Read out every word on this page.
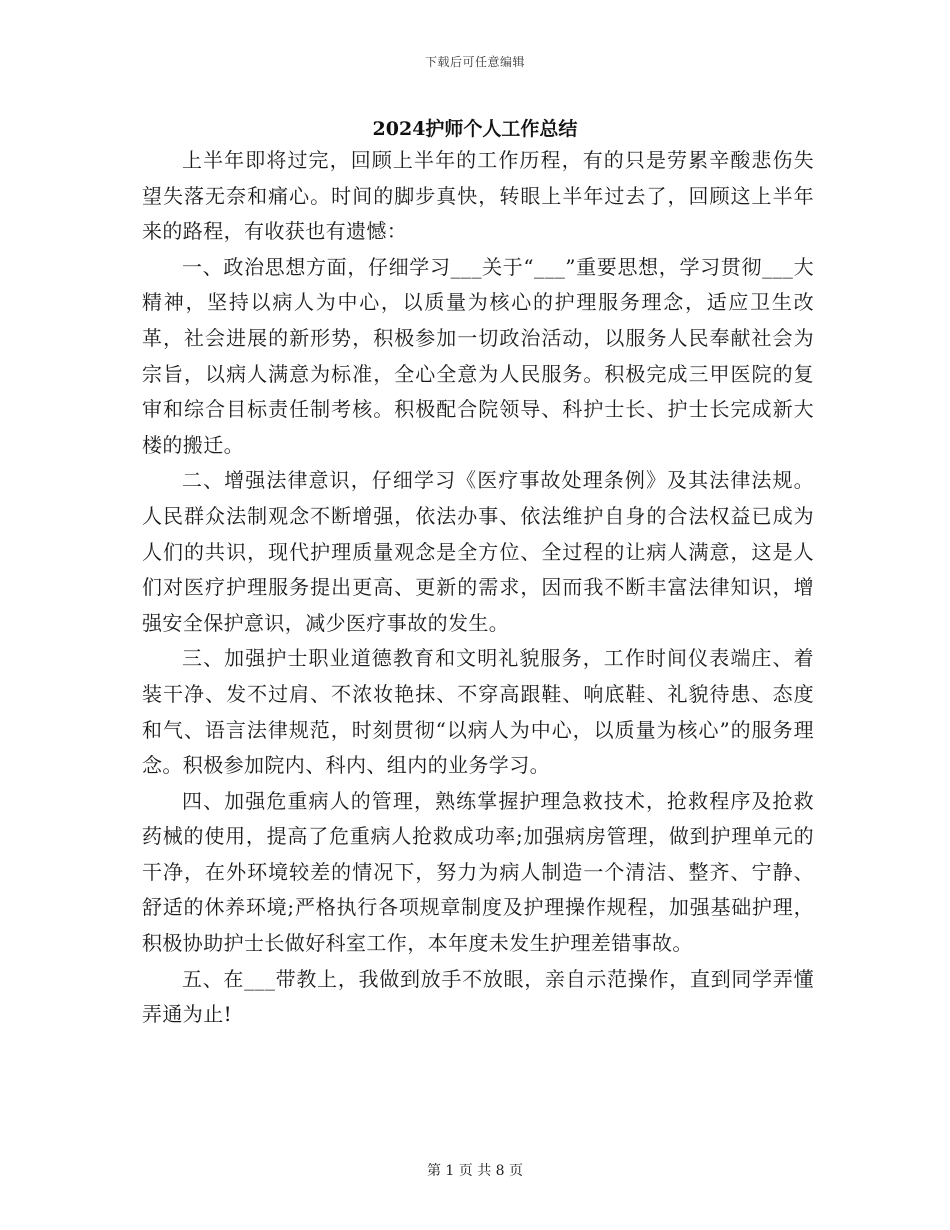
下载后可任意编辑
2024护师个人工作总结

上半年即将过完，回顾上半年的工作历程，有的只是劳累辛酸悲伤失望失落无奈和痛心。时间的脚步真快，转眼上半年过去了，回顾这上半年来的路程，有收获也有遗憾：

一、政治思想方面，仔细学习___关于“___”重要思想，学习贯彻___大精神，坚持以病人为中心，以质量为核心的护理服务理念，适应卫生改革，社会进展的新形势，积极参加一切政治活动，以服务人民奉献社会为宗旨，以病人满意为标准，全心全意为人民服务。积极完成三甲医院的复审和综合目标责任制考核。积极配合院领导、科护士长、护士长完成新大楼的搬迁。

二、增强法律意识，仔细学习《医疗事故处理条例》及其法律法规。人民群众法制观念不断增强，依法办事、依法维护自身的合法权益已成为人们的共识，现代护理质量观念是全方位、全过程的让病人满意，这是人们对医疗护理服务提出更高、更新的需求，因而我不断丰富法律知识，增强安全保护意识，减少医疗事故的发生。

三、加强护士职业道德教育和文明礼貌服务，工作时间仪表端庄、着装干净、发不过肩、不浓妆艳抹、不穿高跟鞋、响底鞋、礼貌待患、态度和气、语言法律规范，时刻贯彻“以病人为中心，以质量为核心”的服务理念。积极参加院内、科内、组内的业务学习。

四、加强危重病人的管理，熟练掌握护理急救技术，抢救程序及抢救药械的使用，提高了危重病人抢救成功率;加强病房管理，做到护理单元的干净，在外环境较差的情况下，努力为病人制造一个清洁、整齐、宁静、舒适的休养环境;严格执行各项规章制度及护理操作规程，加强基础护理，积极协助护士长做好科室工作，本年度未发生护理差错事故。

五、在___带教上，我做到放手不放眼，亲自示范操作，直到同学弄懂弄通为止!

第 1 页 共 8 页
